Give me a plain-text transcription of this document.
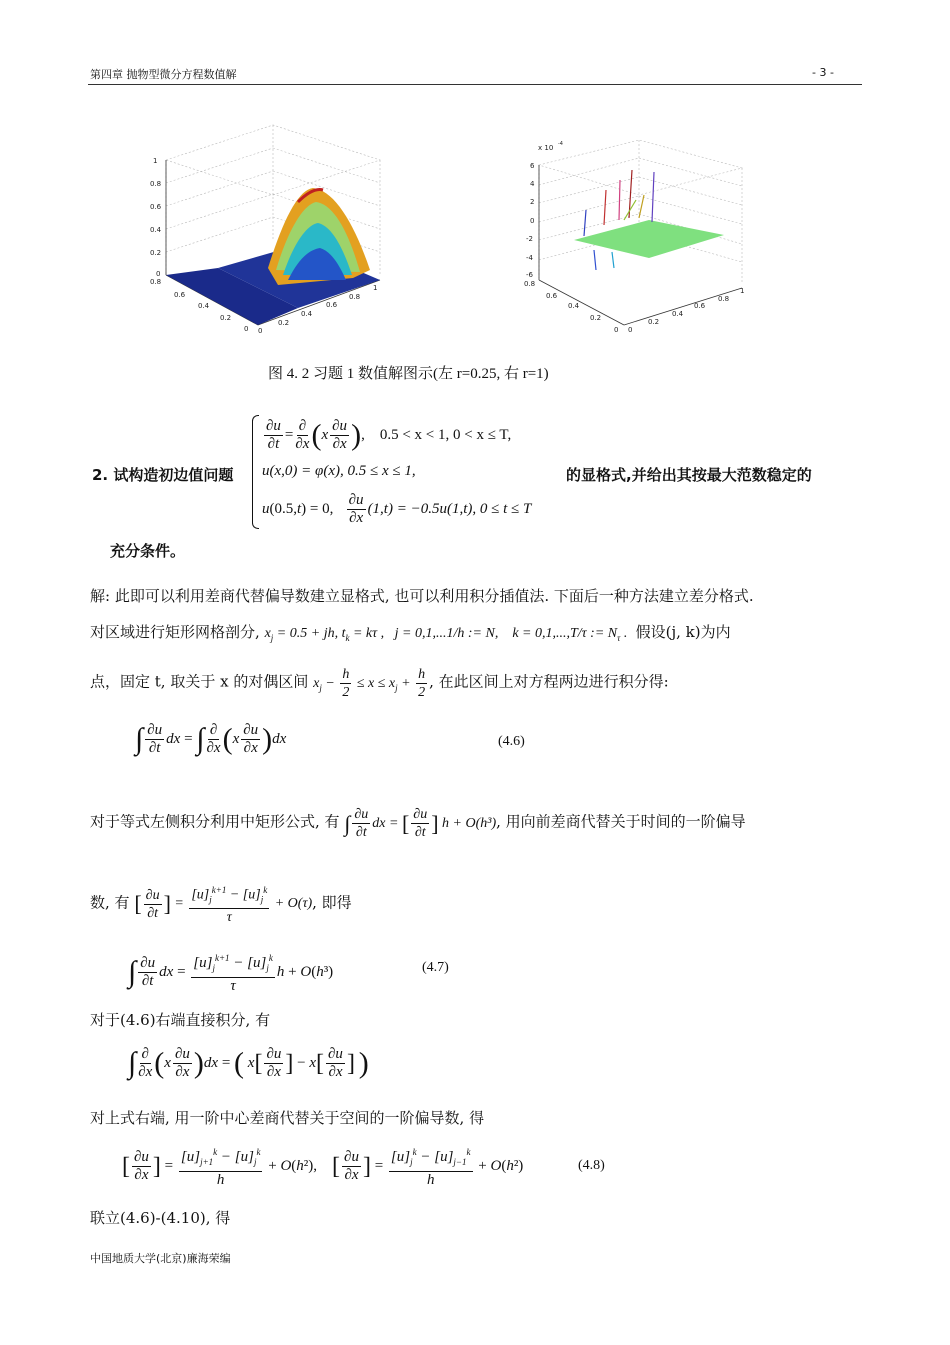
第四章 抛物型微分方程数值解	- 3 -
1
0.8
0.6
0.4
0.2
0
0.8
0.6
0.4
0.2
0 0
0.2
0.4
0.6
0.8
1
x 10 -4
6
4
2
0
-2
-4
-6
0.8
0.6
0.4
0.2
0 0
0.2
0.4
0.6
0.8
1
图 4. 2 习题 1 数值解图示(左 r=0.25, 右 r=1)
2. 试构造初边值问题
$\frac{\partial u}{\partial t} = \frac{\partial}{\partial x} (x \frac{\partial u}{\partial x}$ ),    0.5 < x < 1, 0 < x ≤ T,
u(x,0) = φ(x), 0.5 ≤ x ≤ 1,
u(0.5,t) = 0, $\frac{\partial u}{\partial x} (1,t) = -0.5u(1,t)$, 0 ≤ t ≤ T
的显格式,并给出其按最大范数稳定的
充分条件。
解: 此即可以利用差商代替偏导数建立显格式, 也可以利用积分插值法. 下面后一种方法建立差分格式.
对区域进行矩形网格剖分, $x_j = 0.5$ + jh, $t_k = k\tau$ ,   j = 0,1,...1/h := N,    k = 0,1,...,T/τ := $N_\tau$ .  假设(j, k)为内
点，固定 t, 取关于 x 的对偶区间 $x_j - \frac{h}{2} \le x \le x_j + \frac{h}{2}$ , 在此区间上对方程两边进行积分得:
∫ $\frac{\partial u}{\partial t}$ dx = ∫ $\frac{\partial}{\partial x} (x \frac{\partial u}{\partial x} )dx$	(4.6)
对于等式左侧积分利用中矩形公式, 有 ∫ $\frac{\partial u}{\partial t}$ dx = [ $\frac{\partial u}{\partial t}$ ] h + O(h³), 用向前差商代替关于时间的一阶偏导
数, 有 [ $\frac{\partial u}{\partial t}$ ] = $\frac{[u]_j^{k+1} - [u]_j^k}{\tau} + O(\tau)$, 即得
∫ $\frac{\partial u}{\partial t}$ dx = $\frac{[u]_j^{k+1} - [u]_j^k}{\tau}$ h + O(h³)	(4.7)
对于(4.6)右端直接积分, 有
∫ $\frac{\partial}{\partial x} (x \frac{\partial u}{\partial x} )dx$ = ( $x[ \frac{\partial u}{\partial x}$ ] − $x[ \frac{\partial u}{\partial x}$ ] )
对上式右端, 用一阶中心差商代替关于空间的一阶偏导数, 得
[ $\frac{\partial u}{\partial x}$ ] = $\frac{[u]_{j+1}^k - [u]_j^k}{h} + O(h^2)$,    [ $\frac{\partial u}{\partial x}$ ] = $\frac{[u]_j^k - [u]_{j-1}^k}{h} + O(h^2)$	(4.8)
联立(4.6)-(4.10), 得
中国地质大学(北京)廉海荣编
